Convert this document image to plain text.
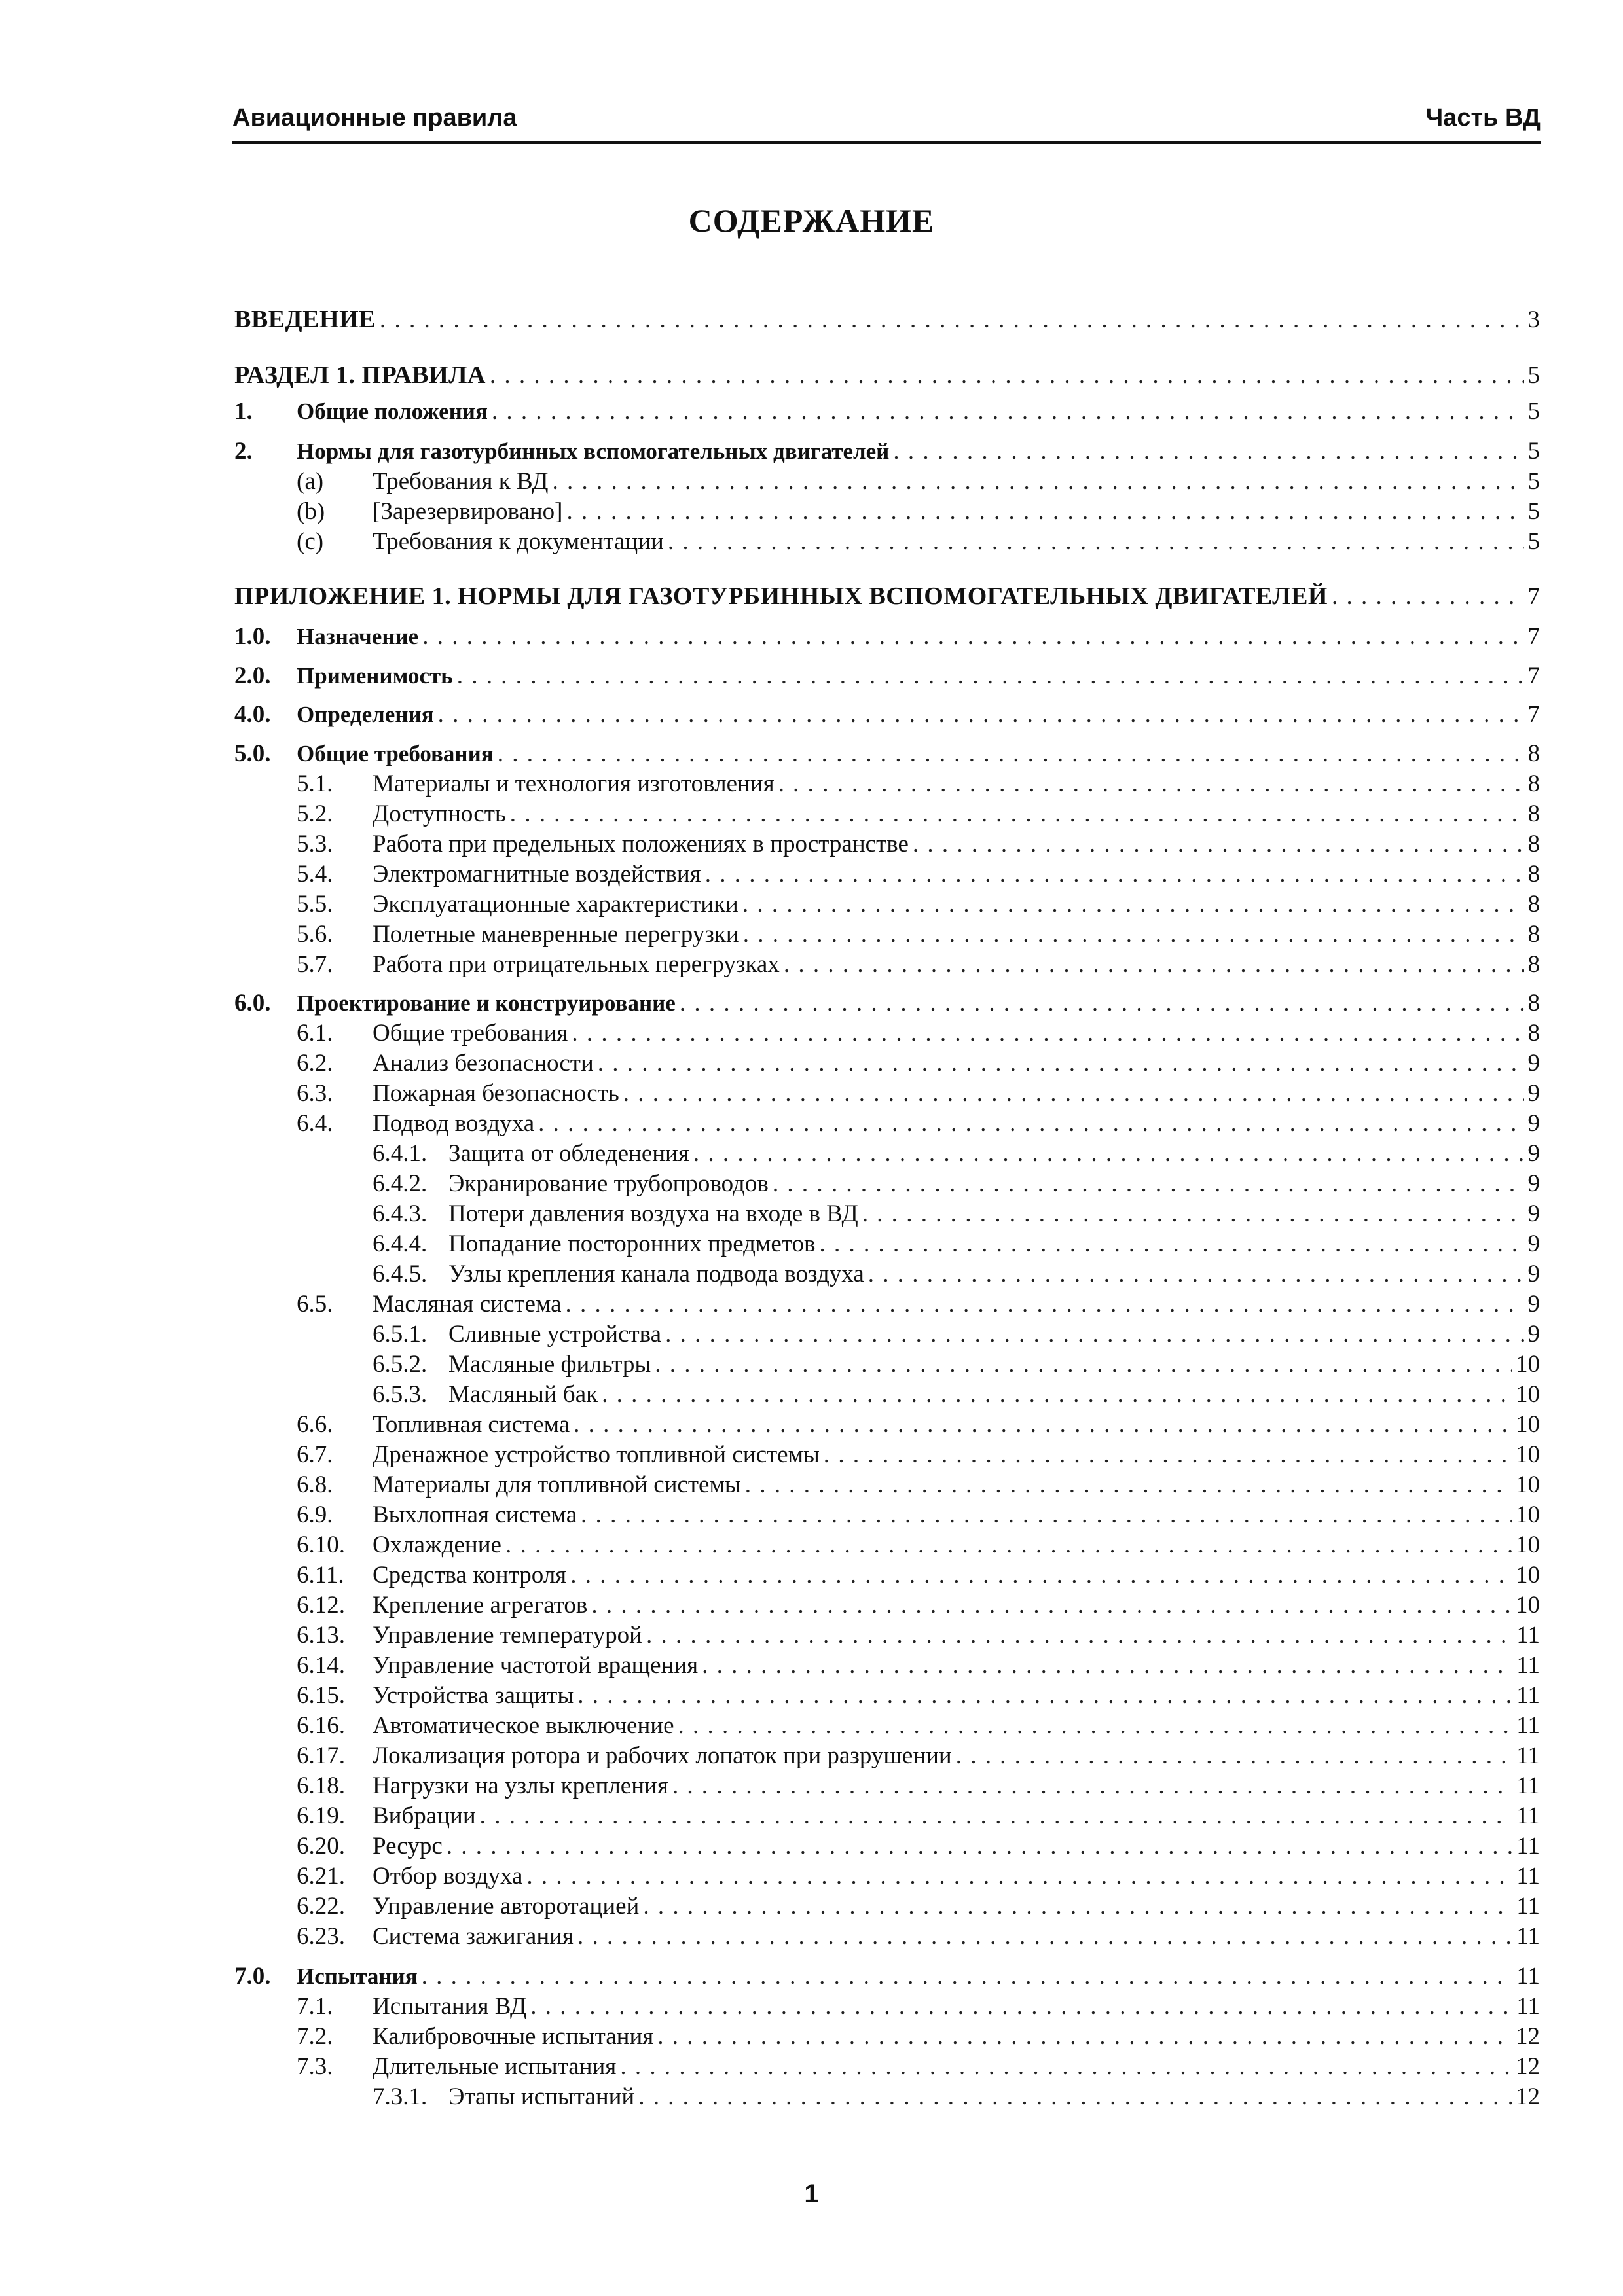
Авиационные правила	Часть ВД
СОДЕРЖАНИЕ
ВВЕДЕНИЕ . . .	3
РАЗДЕЛ 1. ПРАВИЛА . . .	5
1.	Общие положения . . .	5
2.	Нормы для газотурбинных вспомогательных двигателей . . .	5
(a)	Требования к ВД . . .	5
(b)	[Зарезервировано] . . .	5
(c)	Требования к документации . . .	5
ПРИЛОЖЕНИЕ 1. НОРМЫ ДЛЯ ГАЗОТУРБИННЫХ ВСПОМОГАТЕЛЬНЫХ ДВИГАТЕЛЕЙ . . .	7
1.0.	Назначение . . .	7
2.0.	Применимость . . .	7
4.0.	Определения . . .	7
5.0.	Общие требования . . .	8
5.1.	Материалы и технология изготовления . . .	8
5.2.	Доступность . . .	8
5.3.	Работа при предельных положениях в пространстве . . .	8
5.4.	Электромагнитные воздействия . . .	8
5.5.	Эксплуатационные характеристики . . .	8
5.6.	Полетные маневренные перегрузки . . .	8
5.7.	Работа при отрицательных перегрузках . . .	8
6.0.	Проектирование и конструирование . . .	8
6.1.	Общие требования . . .	8
6.2.	Анализ безопасности . . .	9
6.3.	Пожарная безопасность . . .	9
6.4.	Подвод воздуха . . .	9
6.4.1. Защита от обледенения . . .	9
6.4.2. Экранирование трубопроводов . . .	9
6.4.3. Потери давления воздуха на входе в ВД . . .	9
6.4.4. Попадание посторонних предметов . . .	9
6.4.5. Узлы крепления канала подвода воздуха . . .	9
6.5.	Масляная система . . .	9
6.5.1. Сливные устройства . . .	9
6.5.2. Масляные фильтры . . .	10
6.5.3. Масляный бак . . .	10
6.6.	Топливная система . . .	10
6.7.	Дренажное устройство топливной системы . . .	10
6.8.	Материалы для топливной системы . . .	10
6.9.	Выхлопная система . . .	10
6.10.	Охлаждение . . .	10
6.11.	Средства контроля . . .	10
6.12.	Крепление агрегатов . . .	10
6.13.	Управление температурой . . .	11
6.14.	Управление частотой вращения . . .	11
6.15.	Устройства защиты . . .	11
6.16.	Автоматическое выключение . . .	11
6.17.	Локализация ротора и рабочих лопаток при разрушении . . .	11
6.18.	Нагрузки на узлы крепления . . .	11
6.19.	Вибрации . . .	11
6.20.	Ресурс . . .	11
6.21.	Отбор воздуха . . .	11
6.22.	Управление авторотацией . . .	11
6.23.	Система зажигания . . .	11
7.0.	Испытания . . .	11
7.1.	Испытания ВД . . .	11
7.2.	Калибровочные испытания . . .	12
7.3.	Длительные испытания . . .	12
7.3.1. Этапы испытаний . . .	12
1
